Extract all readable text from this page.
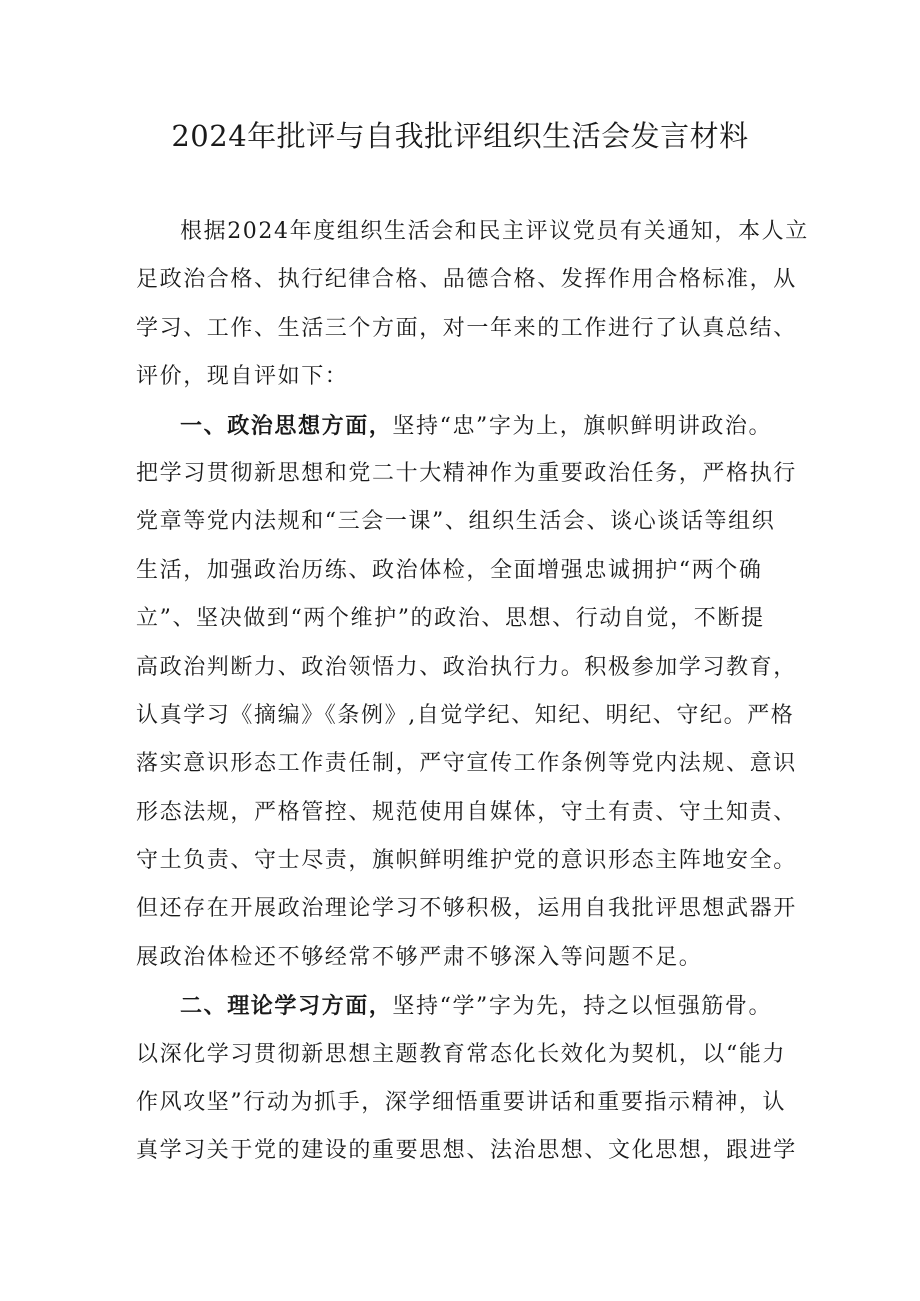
2024年批评与自我批评组织生活会发言材料
根据2024年度组织生活会和民主评议党员有关通知，本人立
足政治合格、执行纪律合格、品德合格、发挥作用合格标准，从
学习、工作、生活三个方面，对一年来的工作进行了认真总结、
评价，现自评如下：
一、政治思想方面，坚持“忠”字为上，旗帜鲜明讲政治。
把学习贯彻新思想和党二十大精神作为重要政治任务，严格执行
党章等党内法规和“三会一课”、组织生活会、谈心谈话等组织
生活，加强政治历练、政治体检，全面增强忠诚拥护“两个确
立”、坚决做到“两个维护”的政治、思想、行动自觉，不断提
高政治判断力、政治领悟力、政治执行力。积极参加学习教育，
认真学习《摘编》《条例》,自觉学纪、知纪、明纪、守纪。严格
落实意识形态工作责任制，严守宣传工作条例等党内法规、意识
形态法规，严格管控、规范使用自媒体，守土有责、守土知责、
守土负责、守士尽责，旗帜鲜明维护党的意识形态主阵地安全。
但还存在开展政治理论学习不够积极，运用自我批评思想武器开
展政治体检还不够经常不够严肃不够深入等问题不足。
二、理论学习方面，坚持“学”字为先，持之以恒强筋骨。
以深化学习贯彻新思想主题教育常态化长效化为契机，以“能力
作风攻坚”行动为抓手，深学细悟重要讲话和重要指示精神，认
真学习关于党的建设的重要思想、法治思想、文化思想，跟进学
